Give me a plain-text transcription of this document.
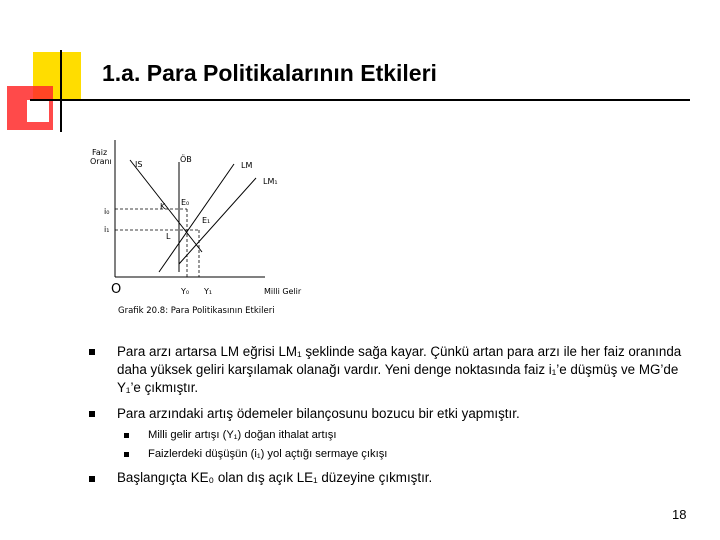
1.a. Para Politikalarının Etkileri
Faiz
Oranı	IS
ÖB
LM
LM₁
E₀
E₁
K
L
i₀
i₁
O	Y₀ Y₁	Milli Gelir
Grafik 20.8: Para Politikasının Etkileri
Para arzı artarsa LM eğrisi LM₁ şeklinde sağa kayar. Çünkü artan para arzı ile her faiz oranında daha yüksek geliri karşılamak olanağı vardır. Yeni denge noktasında faiz i₁’e düşmüş ve MG’de Y₁’e çıkmıştır.
Para arzındaki artış ödemeler bilançosunu bozucu bir etki yapmıştır.
Milli gelir artışı (Y₁) doğan ithalat artışı
Faizlerdeki düşüşün (i₁) yol açtığı sermaye çıkışı
Başlangıçta KE₀ olan dış açık LE₁ düzeyine çıkmıştır.
18
